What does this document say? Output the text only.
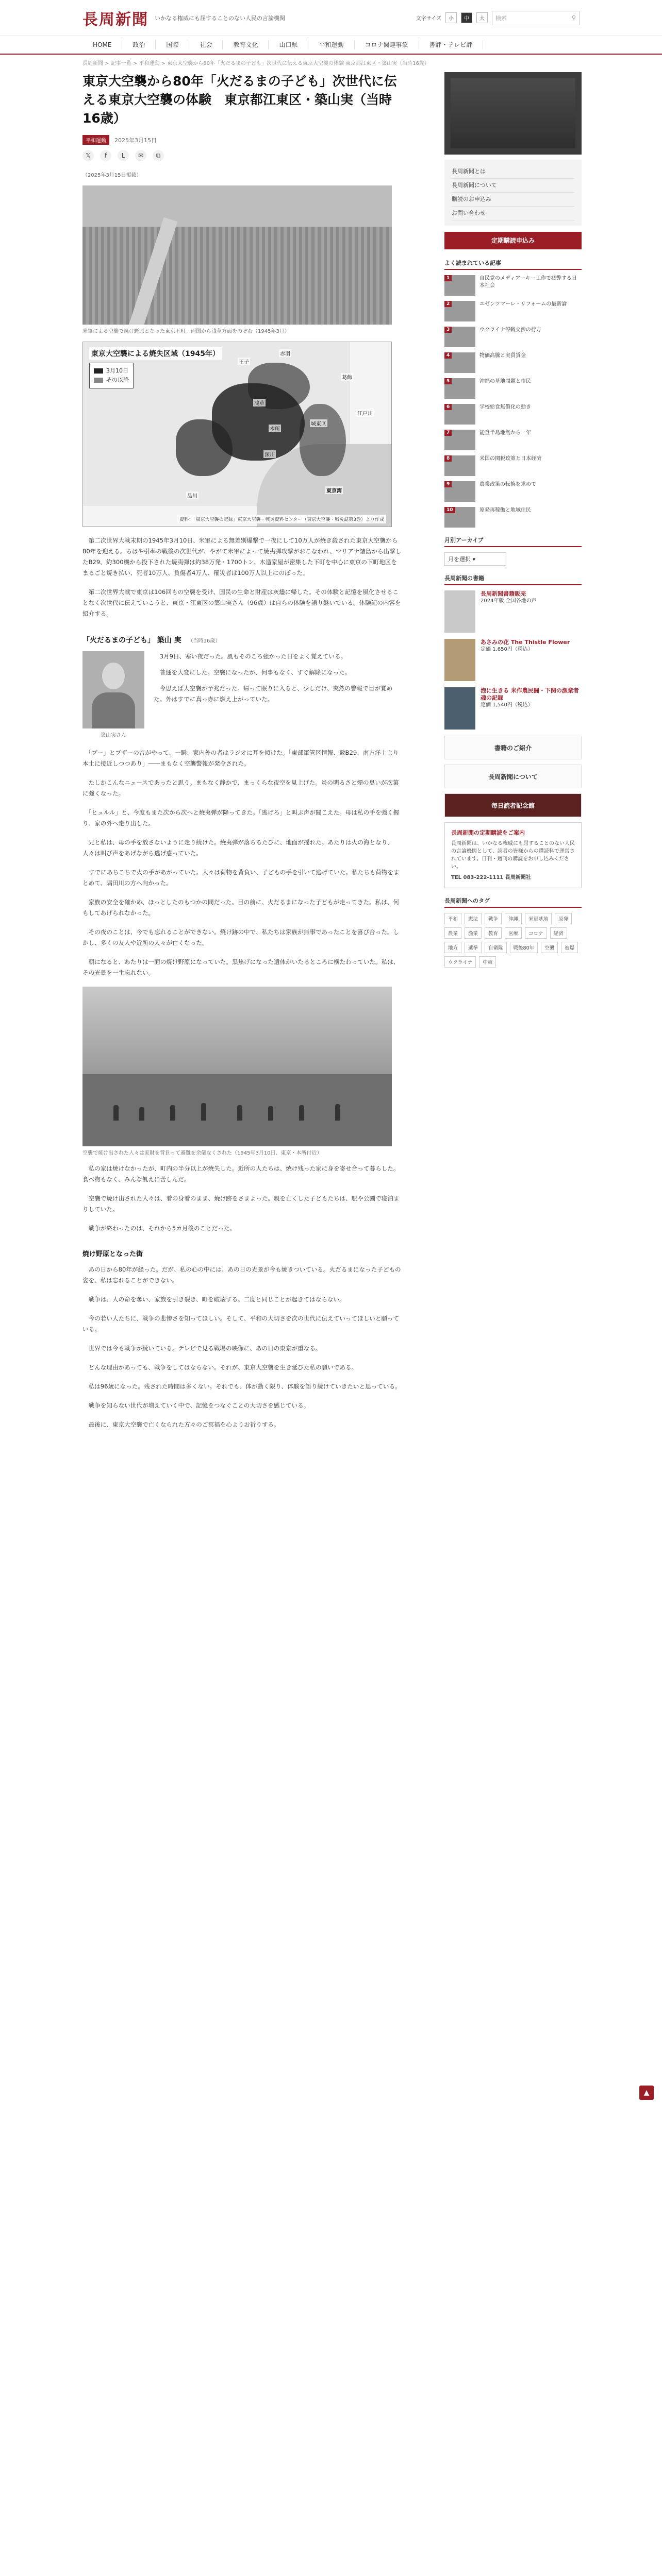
長周新聞 いかなる権威にも屈することのない人民の言論機関	文字サイズ	小	中	大	検索	⚲
HOME	政治	国際	社会	教育文化	山口県	平和運動	コロナ関連事象	書評・テレビ評
長周新聞 > 記事一覧 > 平和運動 > 東京大空襲から80年「火だるまの子ども」次世代に伝える東京大空襲の体験 東京都江東区・築山実（当時16歳）
東京大空襲から80年「火だるまの子ども」次世代に伝える東京大空襲の体験　東京都江東区・築山実（当時16歳）
平和運動	2025年3月15日
𝕏	f	L	✉	⧉
（2025年3月15日掲載）
米軍による空襲で焼け野原となった東京下町。両国から浅草方面をのぞむ（1945年3月）
東京大空襲による焼失区域（1945年）
3月10日
その以降
赤羽
王子
浅草
本所
深川
城東区
葛飾
江戸川
品川
東京湾
資料：「東京大空襲の記録」東京大空襲・戦災資料センター（東京大空襲・戦災誌第3巻）より作成

　第二次世界大戦末期の1945年3月10日、米軍による無差別爆撃で一夜にして10万人が焼き殺された東京大空襲から80年を迎える。ちはや引率の戦後の次世代が、やがて米軍によって焼夷弾攻撃がおこなわれ、マリアナ諸島から出撃したB29、約300機から投下された焼夷弾は約38万発・1700トン。木造家屋が密集した下町を中心に東京の下町地区をまるごと焼き払い、死者10万人、負傷者4万人、罹災者は100万人以上にのぼった。

　第二次世界大戦で東京は106回もの空襲を受け、国民の生命と財産は灰燼に帰した。その体験と記憶を風化させることなく次世代に伝えていこうと、東京・江東区の築山実さん（96歳）は自らの体験を語り継いでいる。体験記の内容を紹介する。

「火だるまの子ども」 築山 実 （当時16歳）
築山実さん

　3月9日、寒い夜だった。風もそのころ強かった日をよく覚えている。

　普通を大変にした。空襲になったが、何事もなく、すぐ解除になった。

　今思えば大空襲が予兆だった。帰って眠りに入ると、少しだけ、突然の警報で目が覚めた。外はすでに真っ赤に燃え上がっていた。

　「ブー」とブザーの音がやって、一瞬、家内外の者はラジオに耳を傾けた。「東部軍管区情報、敵B29、南方洋上より本土に接近しつつあり」――まもなく空襲警報が発令された。

　たしかこんなニュースであったと思う。まもなく静かで、まっくらな夜空を見上げた。炎の明るさと煙の臭いが次第に強くなった。

　「ヒュルル」と、今度もまた次から次へと焼夷弾が降ってきた。「逃げろ」と叫ぶ声が聞こえた。母は私の手を強く握り、家の外へ走り出した。

　兄と私は、母の手を放さないように走り続けた。焼夷弾が落ちるたびに、地面が揺れた。あたりは火の海となり、人々は叫び声をあげながら逃げ惑っていた。

　すでにあちこちで火の手があがっていた。人々は荷物を背負い、子どもの手を引いて逃げていた。私たちも荷物をまとめて、隅田川の方へ向かった。

　家族の安全を確かめ、ほっとしたのもつかの間だった。目の前に、火だるまになった子どもが走ってきた。私は、何もしてあげられなかった。

　その夜のことは、今でも忘れることができない。焼け跡の中で、私たちは家族が無事であったことを喜び合った。しかし、多くの友人や近所の人々が亡くなった。

　朝になると、あたりは一面の焼け野原になっていた。黒焦げになった遺体がいたるところに横たわっていた。私は、その光景を一生忘れない。

空襲で焼け出された人々は家財を背負って避難を余儀なくされた（1945年3月10日、東京・本所付近）

　私の家は焼けなかったが、町内の半分以上が焼失した。近所の人たちは、焼け残った家に身を寄せ合って暮らした。食べ物もなく、みんな飢えに苦しんだ。

　空襲で焼け出された人々は、着の身着のまま、焼け跡をさまよった。親を亡くした子どもたちは、駅や公園で寝泊まりしていた。

　戦争が終わったのは、それから5カ月後のことだった。

焼け野原となった街

　あの日から80年が経った。だが、私の心の中には、あの日の光景が今も焼きついている。火だるまになった子どもの姿を、私は忘れることができない。

　戦争は、人の命を奪い、家族を引き裂き、町を破壊する。二度と同じことが起きてはならない。

　今の若い人たちに、戦争の悲惨さを知ってほしい。そして、平和の大切さを次の世代に伝えていってほしいと願っている。

　世界では今も戦争が続いている。テレビで見る戦場の映像に、あの日の東京が重なる。

　どんな理由があっても、戦争をしてはならない。それが、東京大空襲を生き延びた私の願いである。

　私は96歳になった。残された時間は多くない。それでも、体が動く限り、体験を語り続けていきたいと思っている。

　戦争を知らない世代が増えていく中で、記憶をつなぐことの大切さを感じている。

　最後に、東京大空襲で亡くなられた方々のご冥福を心よりお祈りする。

長周新聞とは
長周新聞について
購読のお申込み
お問い合わせ
定期購読申込み
よく読まれている記事
1	自民党のメディアーキー工作で疲弊する日本社会
2	エゼンツマーレ・リフォームの最新論
3	ウクライナ停戦交渉の行方
4	物価高騰と実質賃金
5	沖縄の基地問題と市民
6	学校給食無償化の動き
7	能登半島地震から一年
8	米国の関税政策と日本経済
9	農業政策の転換を求めて
10	原発再稼働と地域住民
月別アーカイブ
月を選択 ▾
長周新聞の書籍
長周新聞書籍販売
2024年版 全国各地の声
あさみの花 The Thistle Flower
定価 1,650円（税込）
泡に生きる 米作農民闘・下関の漁業者魂の記録
定価 1,540円（税込）
書籍のご紹介
長周新聞について
毎日読者記念館
長周新聞の定期購読をご案内

長周新聞は、いかなる権威にも屈することのない人民の言論機関として、読者の皆様からの購読料で運営されています。日刊・週刊の購読をお申し込みください。

TEL 083-222-1111 長周新聞社

長周新聞へのタグ
平和	憲法	戦争	沖縄	米軍基地	原発
農業	漁業	教育	医療	コロナ	経済
地方	選挙	自衛隊	戦後80年	空襲	被爆
ウクライナ	中東
▲
